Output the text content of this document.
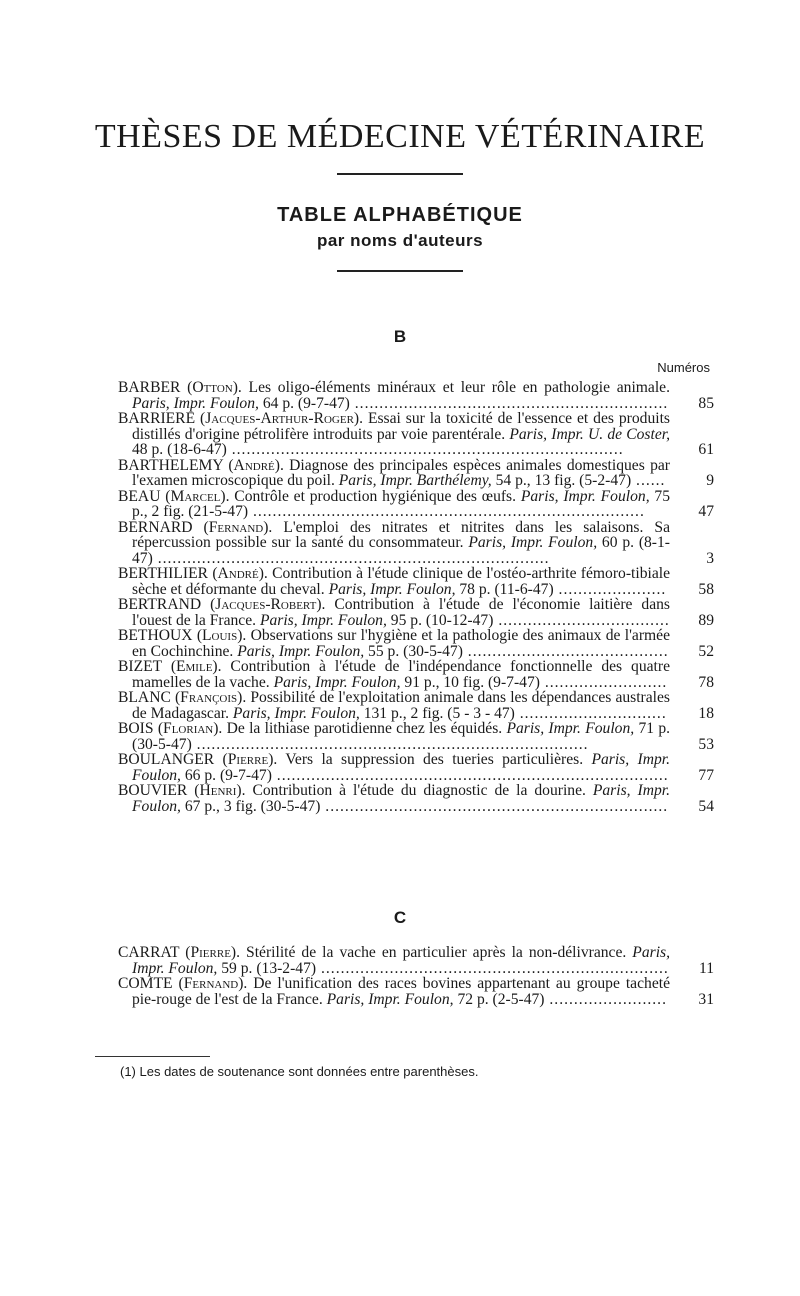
THÈSES DE MÉDECINE VÉTÉRINAIRE
TABLE ALPHABÉTIQUE
par noms d'auteurs
B
Numéros
BARBER (Otton). Les oligo-éléments minéraux et leur rôle en pathologie animale. Paris, Impr. Foulon, 64 p. (9-7-47) ................................................................	85
BARRIERE (Jacques-Arthur-Roger). Essai sur la toxicité de l'essence et des produits distillés d'origine pétrolifère introduits par voie parentérale. Paris, Impr. U. de Coster, 48 p. (18-6-47) ................................................................................	61
BARTHELEMY (André). Diagnose des principales espèces animales domestiques par l'examen microscopique du poil. Paris, Impr. Barthélemy, 54 p., 13 fig. (5-2-47) ......	9
BEAU (Marcel). Contrôle et production hygiénique des œufs. Paris, Impr. Foulon, 75 p., 2 fig. (21-5-47) ................................................................................	47
BERNARD (Fernand). L'emploi des nitrates et nitrites dans les salaisons. Sa répercussion possible sur la santé du consommateur. Paris, Impr. Foulon, 60 p. (8-1-47) ................................................................................	3
BERTHILIER (André). Contribution à l'étude clinique de l'ostéo-arthrite fémoro-tibiale sèche et déformante du cheval. Paris, Impr. Foulon, 78 p. (11-6-47) ......................	58
BERTRAND (Jacques-Robert). Contribution à l'étude de l'économie laitière dans l'ouest de la France. Paris, Impr. Foulon, 95 p. (10-12-47) ...................................	89
BETHOUX (Louis). Observations sur l'hygiène et la pathologie des animaux de l'armée en Cochinchine. Paris, Impr. Foulon, 55 p. (30-5-47) .........................................	52
BIZET (Emile). Contribution à l'étude de l'indépendance fonctionnelle des quatre mamelles de la vache. Paris, Impr. Foulon, 91 p., 10 fig. (9-7-47) .........................	78
BLANC (François). Possibilité de l'exploitation animale dans les dépendances australes de Madagascar. Paris, Impr. Foulon, 131 p., 2 fig. (5 - 3 - 47) ..............................	18
BOIS (Florian). De la lithiase parotidienne chez les équidés. Paris, Impr. Foulon, 71 p. (30-5-47) ................................................................................	53
BOULANGER (Pierre). Vers la suppression des tueries particulières. Paris, Impr. Foulon, 66 p. (9-7-47) ................................................................................	77
BOUVIER (Henri). Contribution à l'étude du diagnostic de la dourine. Paris, Impr. Foulon, 67 p., 3 fig. (30-5-47) ......................................................................	54
C
CARRAT (Pierre). Stérilité de la vache en particulier après la non-délivrance. Paris, Impr. Foulon, 59 p. (13-2-47) .......................................................................	11
COMTE (Fernand). De l'unification des races bovines appartenant au groupe tacheté pie-rouge de l'est de la France. Paris, Impr. Foulon, 72 p. (2-5-47) ........................	31
(1) Les dates de soutenance sont données entre parenthèses.
